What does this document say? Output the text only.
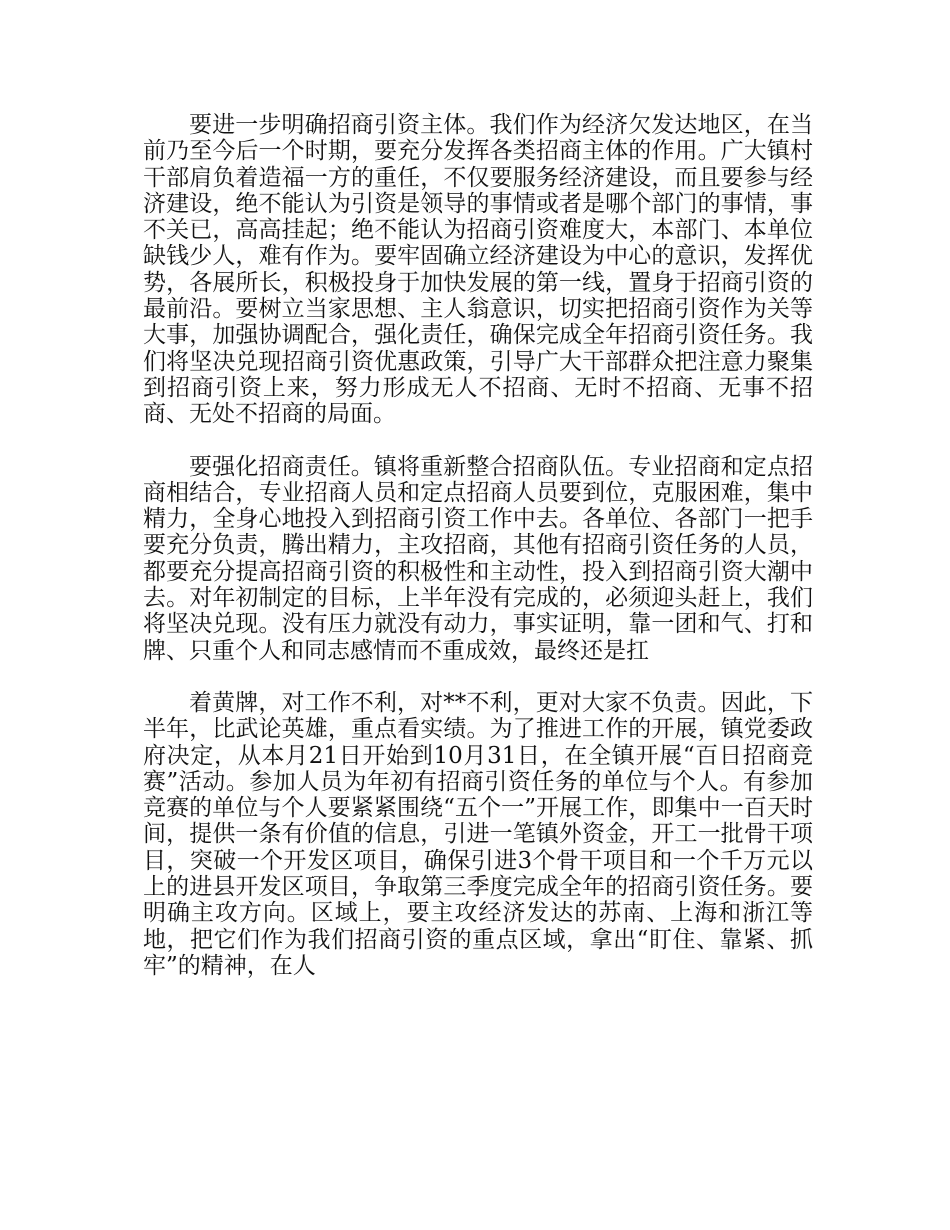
要进一步明确招商引资主体。我们作为经济欠发达地区，在当前乃至今后一个时期，要充分发挥各类招商主体的作用。广大镇村干部肩负着造福一方的重任，不仅要服务经济建设，而且要参与经济建设，绝不能认为引资是领导的事情或者是哪个部门的事情，事不关已，高高挂起；绝不能认为招商引资难度大，本部门、本单位缺钱少人，难有作为。要牢固确立经济建设为中心的意识，发挥优势，各展所长，积极投身于加快发展的第一线，置身于招商引资的最前沿。要树立当家思想、主人翁意识，切实把招商引资作为关等大事，加强协调配合，强化责任，确保完成全年招商引资任务。我们将坚决兑现招商引资优惠政策，引导广大干部群众把注意力聚集到招商引资上来，努力形成无人不招商、无时不招商、无事不招商、无处不招商的局面。

要强化招商责任。镇将重新整合招商队伍。专业招商和定点招商相结合，专业招商人员和定点招商人员要到位，克服困难，集中精力，全身心地投入到招商引资工作中去。各单位、各部门一把手要充分负责，腾出精力，主攻招商，其他有招商引资任务的人员，都要充分提高招商引资的积极性和主动性，投入到招商引资大潮中去。对年初制定的目标，上半年没有完成的，必须迎头赶上，我们将坚决兑现。没有压力就没有动力，事实证明，靠一团和气、打和牌、只重个人和同志感情而不重成效，最终还是扛

着黄牌，对工作不利，对**不利，更对大家不负责。因此，下半年，比武论英雄，重点看实绩。为了推进工作的开展，镇党委政府决定，从本月21日开始到10月31日，在全镇开展“百日招商竞赛”活动。参加人员为年初有招商引资任务的单位与个人。有参加竞赛的单位与个人要紧紧围绕“五个一”开展工作，即集中一百天时间，提供一条有价值的信息，引进一笔镇外资金，开工一批骨干项目，突破一个开发区项目，确保引进3个骨干项目和一个千万元以上的进县开发区项目，争取第三季度完成全年的招商引资任务。要明确主攻方向。区域上，要主攻经济发达的苏南、上海和浙江等地，把它们作为我们招商引资的重点区域，拿出“盯住、靠紧、抓牢”的精神，在人
